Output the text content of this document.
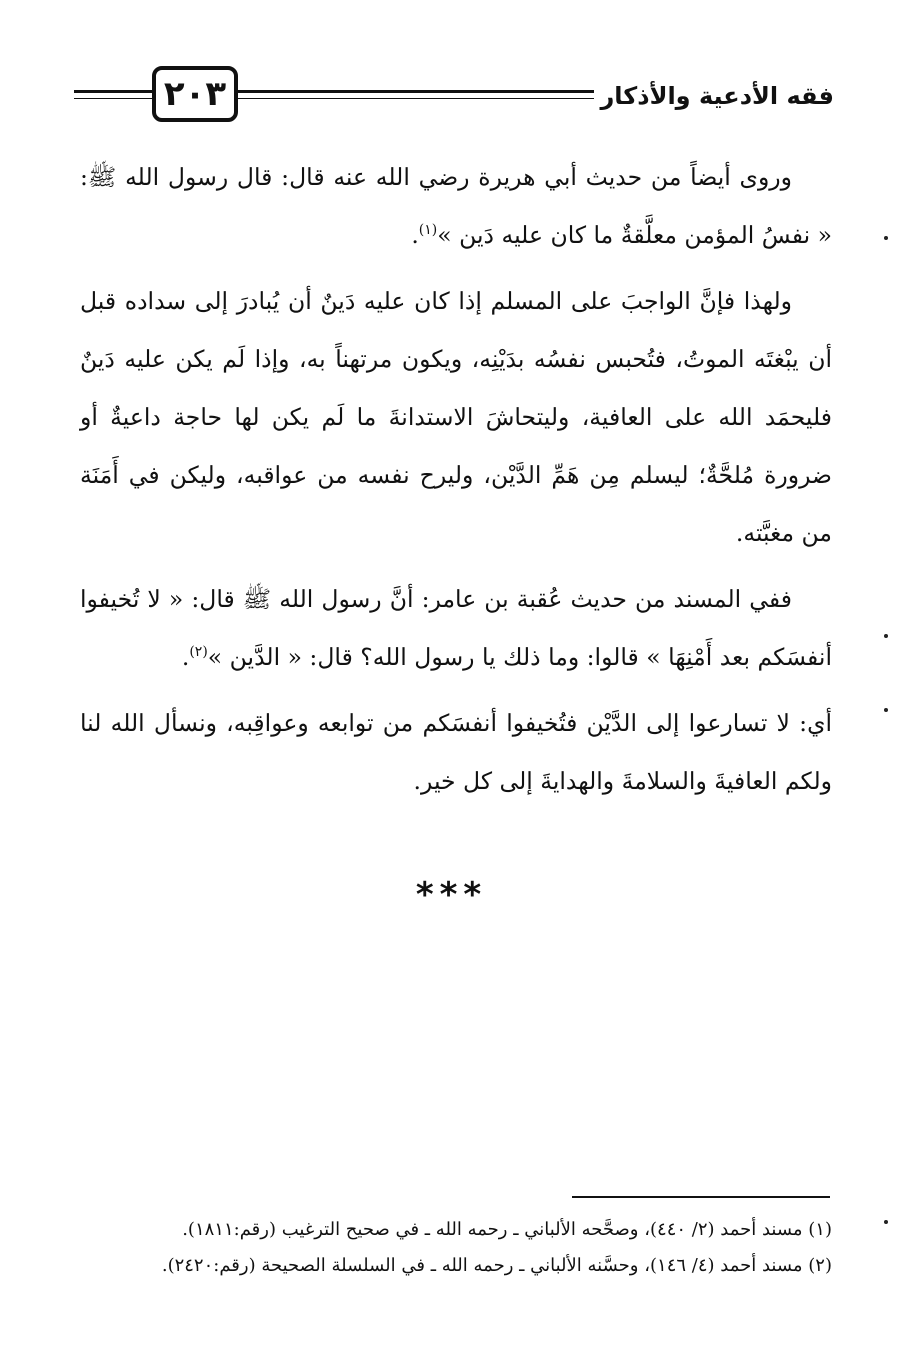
٢٠٣	فقه الأدعية والأذكار

وروى أيضاً من حديث أبي هريرة رضي الله عنه قال: قال رسول الله ﷺ: « نفسُ المؤمن معلَّقةٌ ما كان عليه دَين »$^{(١)}$.

ولهذا فإنَّ الواجبَ على المسلم إذا كان عليه دَينٌ أن يُبادرَ إلى سداده قبل أن يبْغتَه الموتُ، فتُحبس نفسُه بدَيْنِه، ويكون مرتهناً به، وإذا لَم يكن عليه دَينٌ فليحمَد الله على العافية، وليتحاشَ الاستدانةَ ما لَم يكن لها حاجة داعيةٌ أو ضرورة مُلحَّةٌ؛ ليسلم مِن هَمِّ الدَّيْن، وليرح نفسه من عواقبه، وليكن في أَمَنَة من مغبَّته.

ففي المسند من حديث عُقبة بن عامر: أنَّ رسول الله ﷺ قال: « لا تُخيفوا أنفسَكم بعد أَمْنِهَا » قالوا: وما ذلك يا رسول الله؟ قال: « الدَّين »$^{(٢)}$.

أي: لا تسارعوا إلى الدَّيْن فتُخيفوا أنفسَكم من توابعه وعواقِبه، ونسأل الله لنا ولكم العافيةَ والسلامةَ والهدايةَ إلى كل خير.

***
(١) مسند أحمد (٢/ ٤٤٠)، وصحَّحه الألباني ـ رحمه الله ـ في صحيح الترغيب (رقم:١٨١١).
(٢) مسند أحمد (٤/ ١٤٦)، وحسَّنه الألباني ـ رحمه الله ـ في السلسلة الصحيحة (رقم:٢٤٢٠).
